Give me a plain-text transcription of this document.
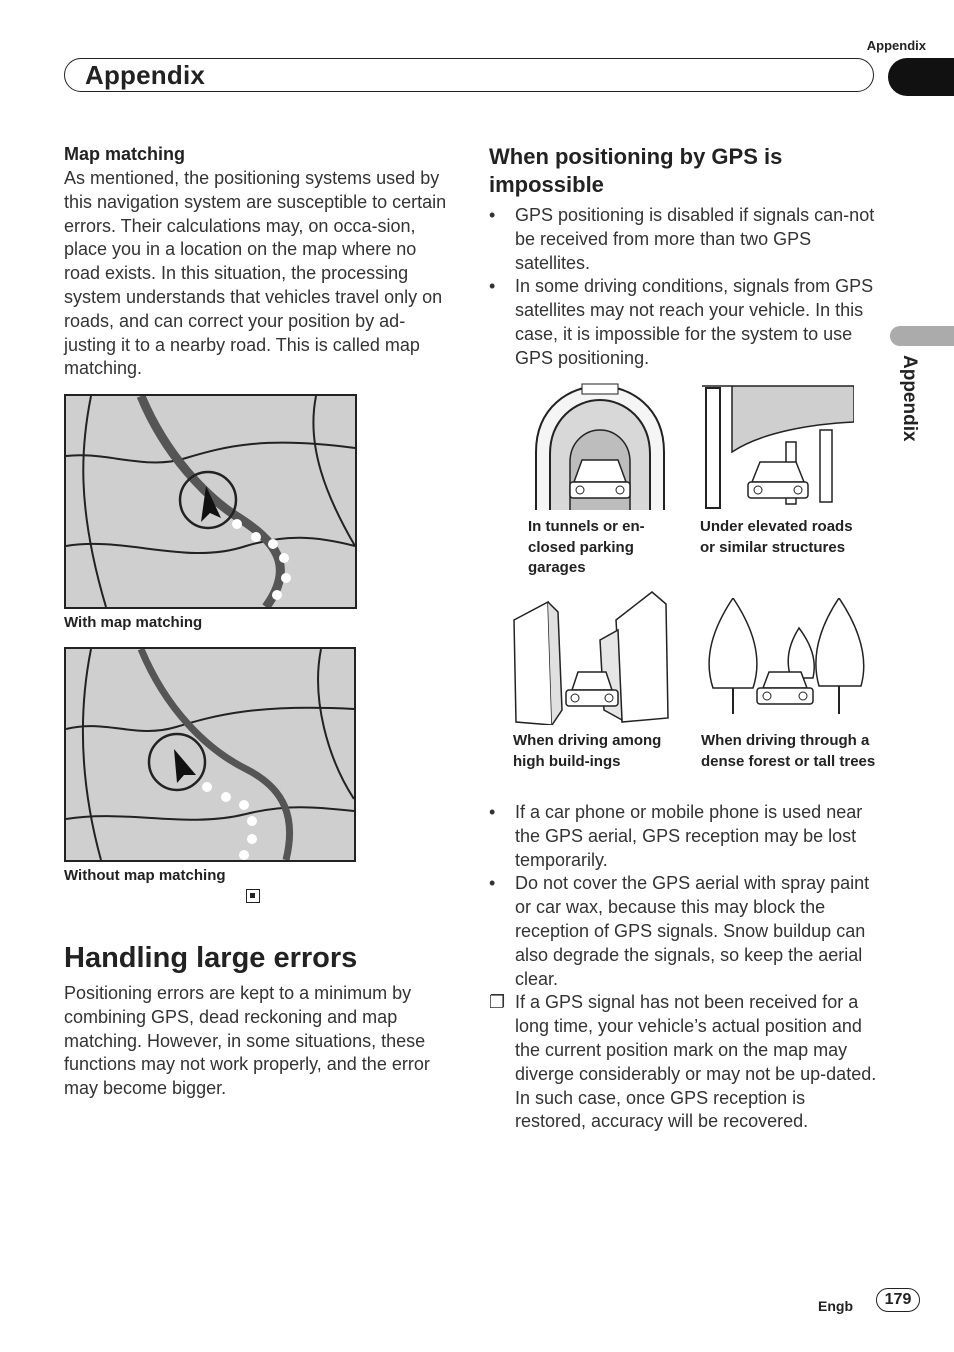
Appendix
Appendix
Appendix
Map matching

As mentioned, the positioning systems used by this navigation system are susceptible to certain errors. Their calculations may, on occa-sion, place you in a location on the map where no road exists. In this situation, the processing system understands that vehicles travel only on roads, and can correct your position by ad-justing it to a nearby road. This is called map matching.

With map matching
Without map matching
Handling large errors

Positioning errors are kept to a minimum by combining GPS, dead reckoning and map matching. However, in some situations, these functions may not work properly, and the error may become bigger.

When positioning by GPS is impossible
• GPS positioning is disabled if signals can-not be received from more than two GPS satellites.
• In some driving conditions, signals from GPS satellites may not reach your vehicle. In this case, it is impossible for the system to use GPS positioning.
In tunnels or en-closed parking garages
Under elevated roads or similar structures
When driving among high build-ings
When driving through a dense forest or tall trees
• If a car phone or mobile phone is used near the GPS aerial, GPS reception may be lost temporarily.
• Do not cover the GPS aerial with spray paint or car wax, because this may block the reception of GPS signals. Snow buildup can also degrade the signals, so keep the aerial clear.
❐ If a GPS signal has not been received for a long time, your vehicle’s actual position and the current position mark on the map may diverge considerably or may not be up-dated. In such case, once GPS reception is restored, accuracy will be recovered.
Engb	179
